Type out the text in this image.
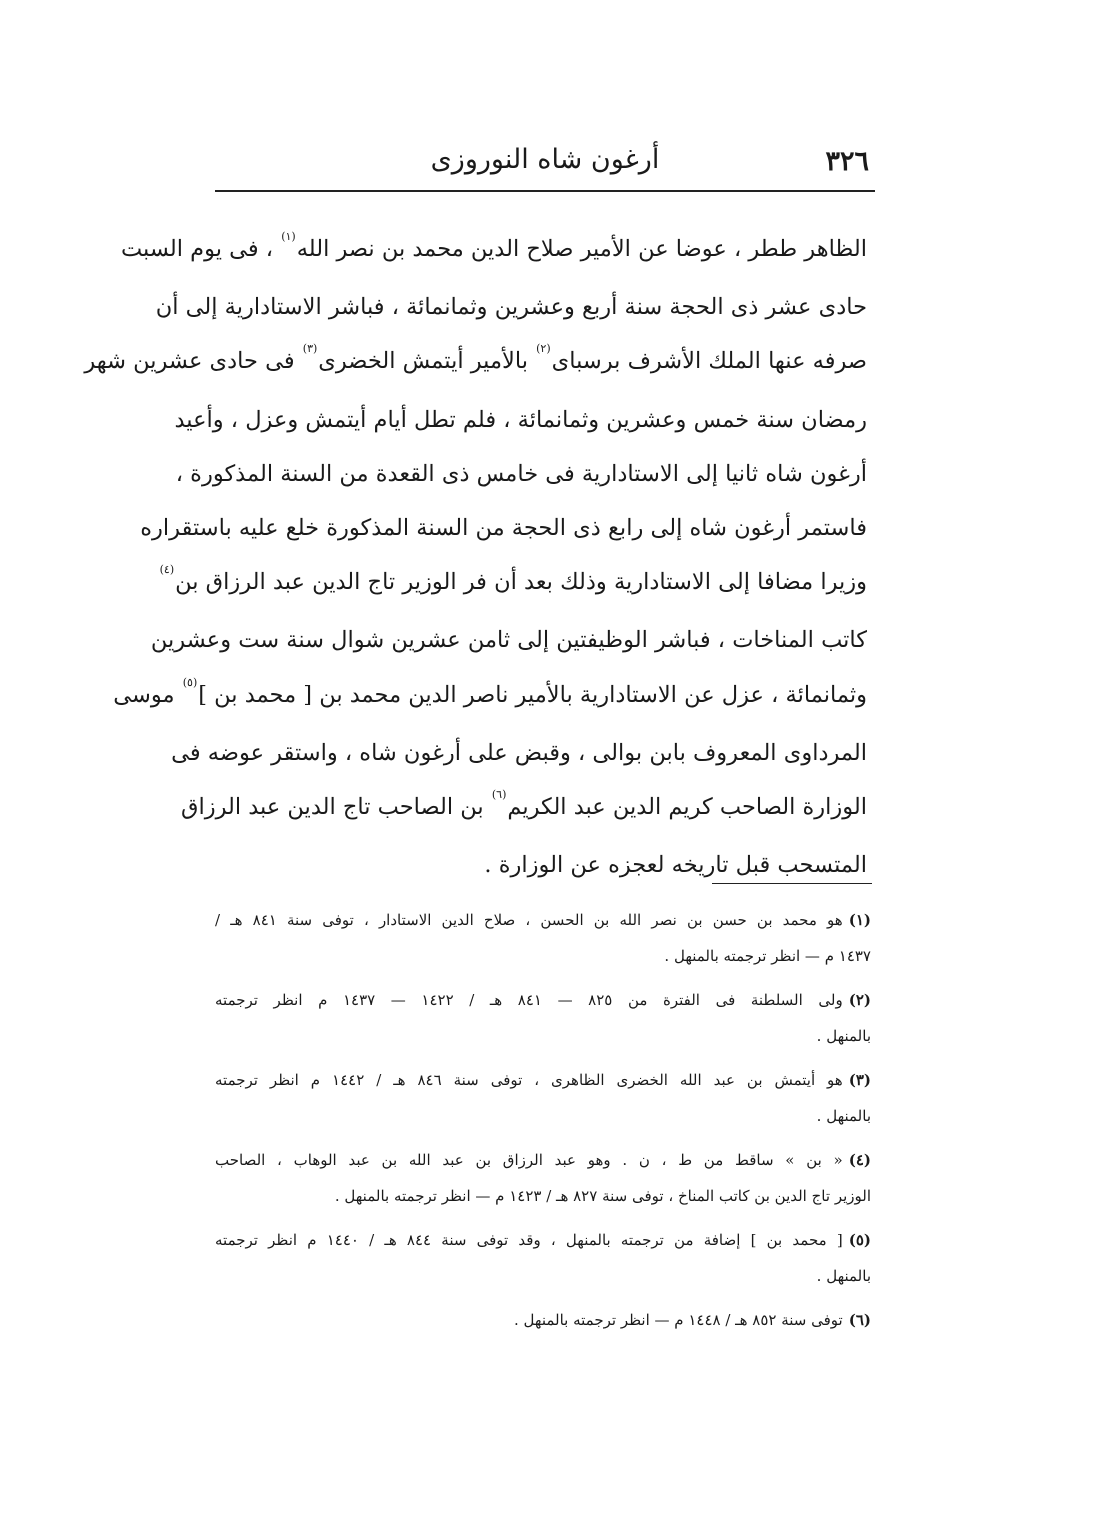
٣٢٦
أرغون شاه النوروزى
الظاهر ططر ، عوضا عن الأمير صلاح الدين محمد بن نصر الله$^{(١)}$ ، فى يوم السبت
حادى عشر ذى الحجة سنة أربع وعشرين وثمانمائة ، فباشر الاستادارية إلى أن
صرفه عنها الملك الأشرف برسباى$^{(٢)}$ بالأمير أيتمش الخضرى$^{(٣)}$ فى حادى عشرين شهر
رمضان سنة خمس وعشرين وثمانمائة ، فلم تطل أيام أيتمش وعزل ، وأعيد
أرغون شاه ثانيا إلى الاستادارية فى خامس ذى القعدة من السنة المذكورة ،
فاستمر أرغون شاه إلى رابع ذى الحجة من السنة المذكورة خلع عليه باستقراره
وزيرا مضافا إلى الاستادارية وذلك بعد أن فر الوزير تاج الدين عبد الرزاق بن$^{(٤)}$
كاتب المناخات ، فباشر الوظيفتين إلى ثامن عشرين شوال سنة ست وعشرين
وثمانمائة ، عزل عن الاستادارية بالأمير ناصر الدين محمد بن [ محمد بن ]$^{(٥)}$ موسى
المرداوى المعروف بابن بوالى ، وقبض على أرغون شاه ، واستقر عوضه فى
الوزارة الصاحب كريم الدين عبد الكريم$^{(٦)}$ بن الصاحب تاج الدين عبد الرزاق
المتسحب قبل تاريخه لعجزه عن الوزارة .
(١)هو محمد بن حسن بن نصر الله بن الحسن ، صلاح الدين الاستادار ، توفى سنة ٨٤١ هـ /
١٤٣٧ م — انظر ترجمته بالمنهل .
(٢)ولى السلطنة فى الفترة من ٨٢٥ — ٨٤١ هـ / ١٤٢٢ — ١٤٣٧ م انظر ترجمته
بالمنهل .
(٣)هو أيتمش بن عبد الله الخضرى الظاهرى ، توفى سنة ٨٤٦ هـ / ١٤٤٢ م انظر ترجمته
بالمنهل .
(٤)« بن » ساقط من ط ، ن . وهو عبد الرزاق بن عبد الله بن عبد الوهاب ، الصاحب
الوزير تاج الدين بن كاتب المناخ ، توفى سنة ٨٢٧ هـ / ١٤٢٣ م — انظر ترجمته بالمنهل .
(٥)[ محمد بن ] إضافة من ترجمته بالمنهل ، وقد توفى سنة ٨٤٤ هـ / ١٤٤٠ م انظر ترجمته
بالمنهل .
(٦)توفى سنة ٨٥٢ هـ / ١٤٤٨ م — انظر ترجمته بالمنهل .
